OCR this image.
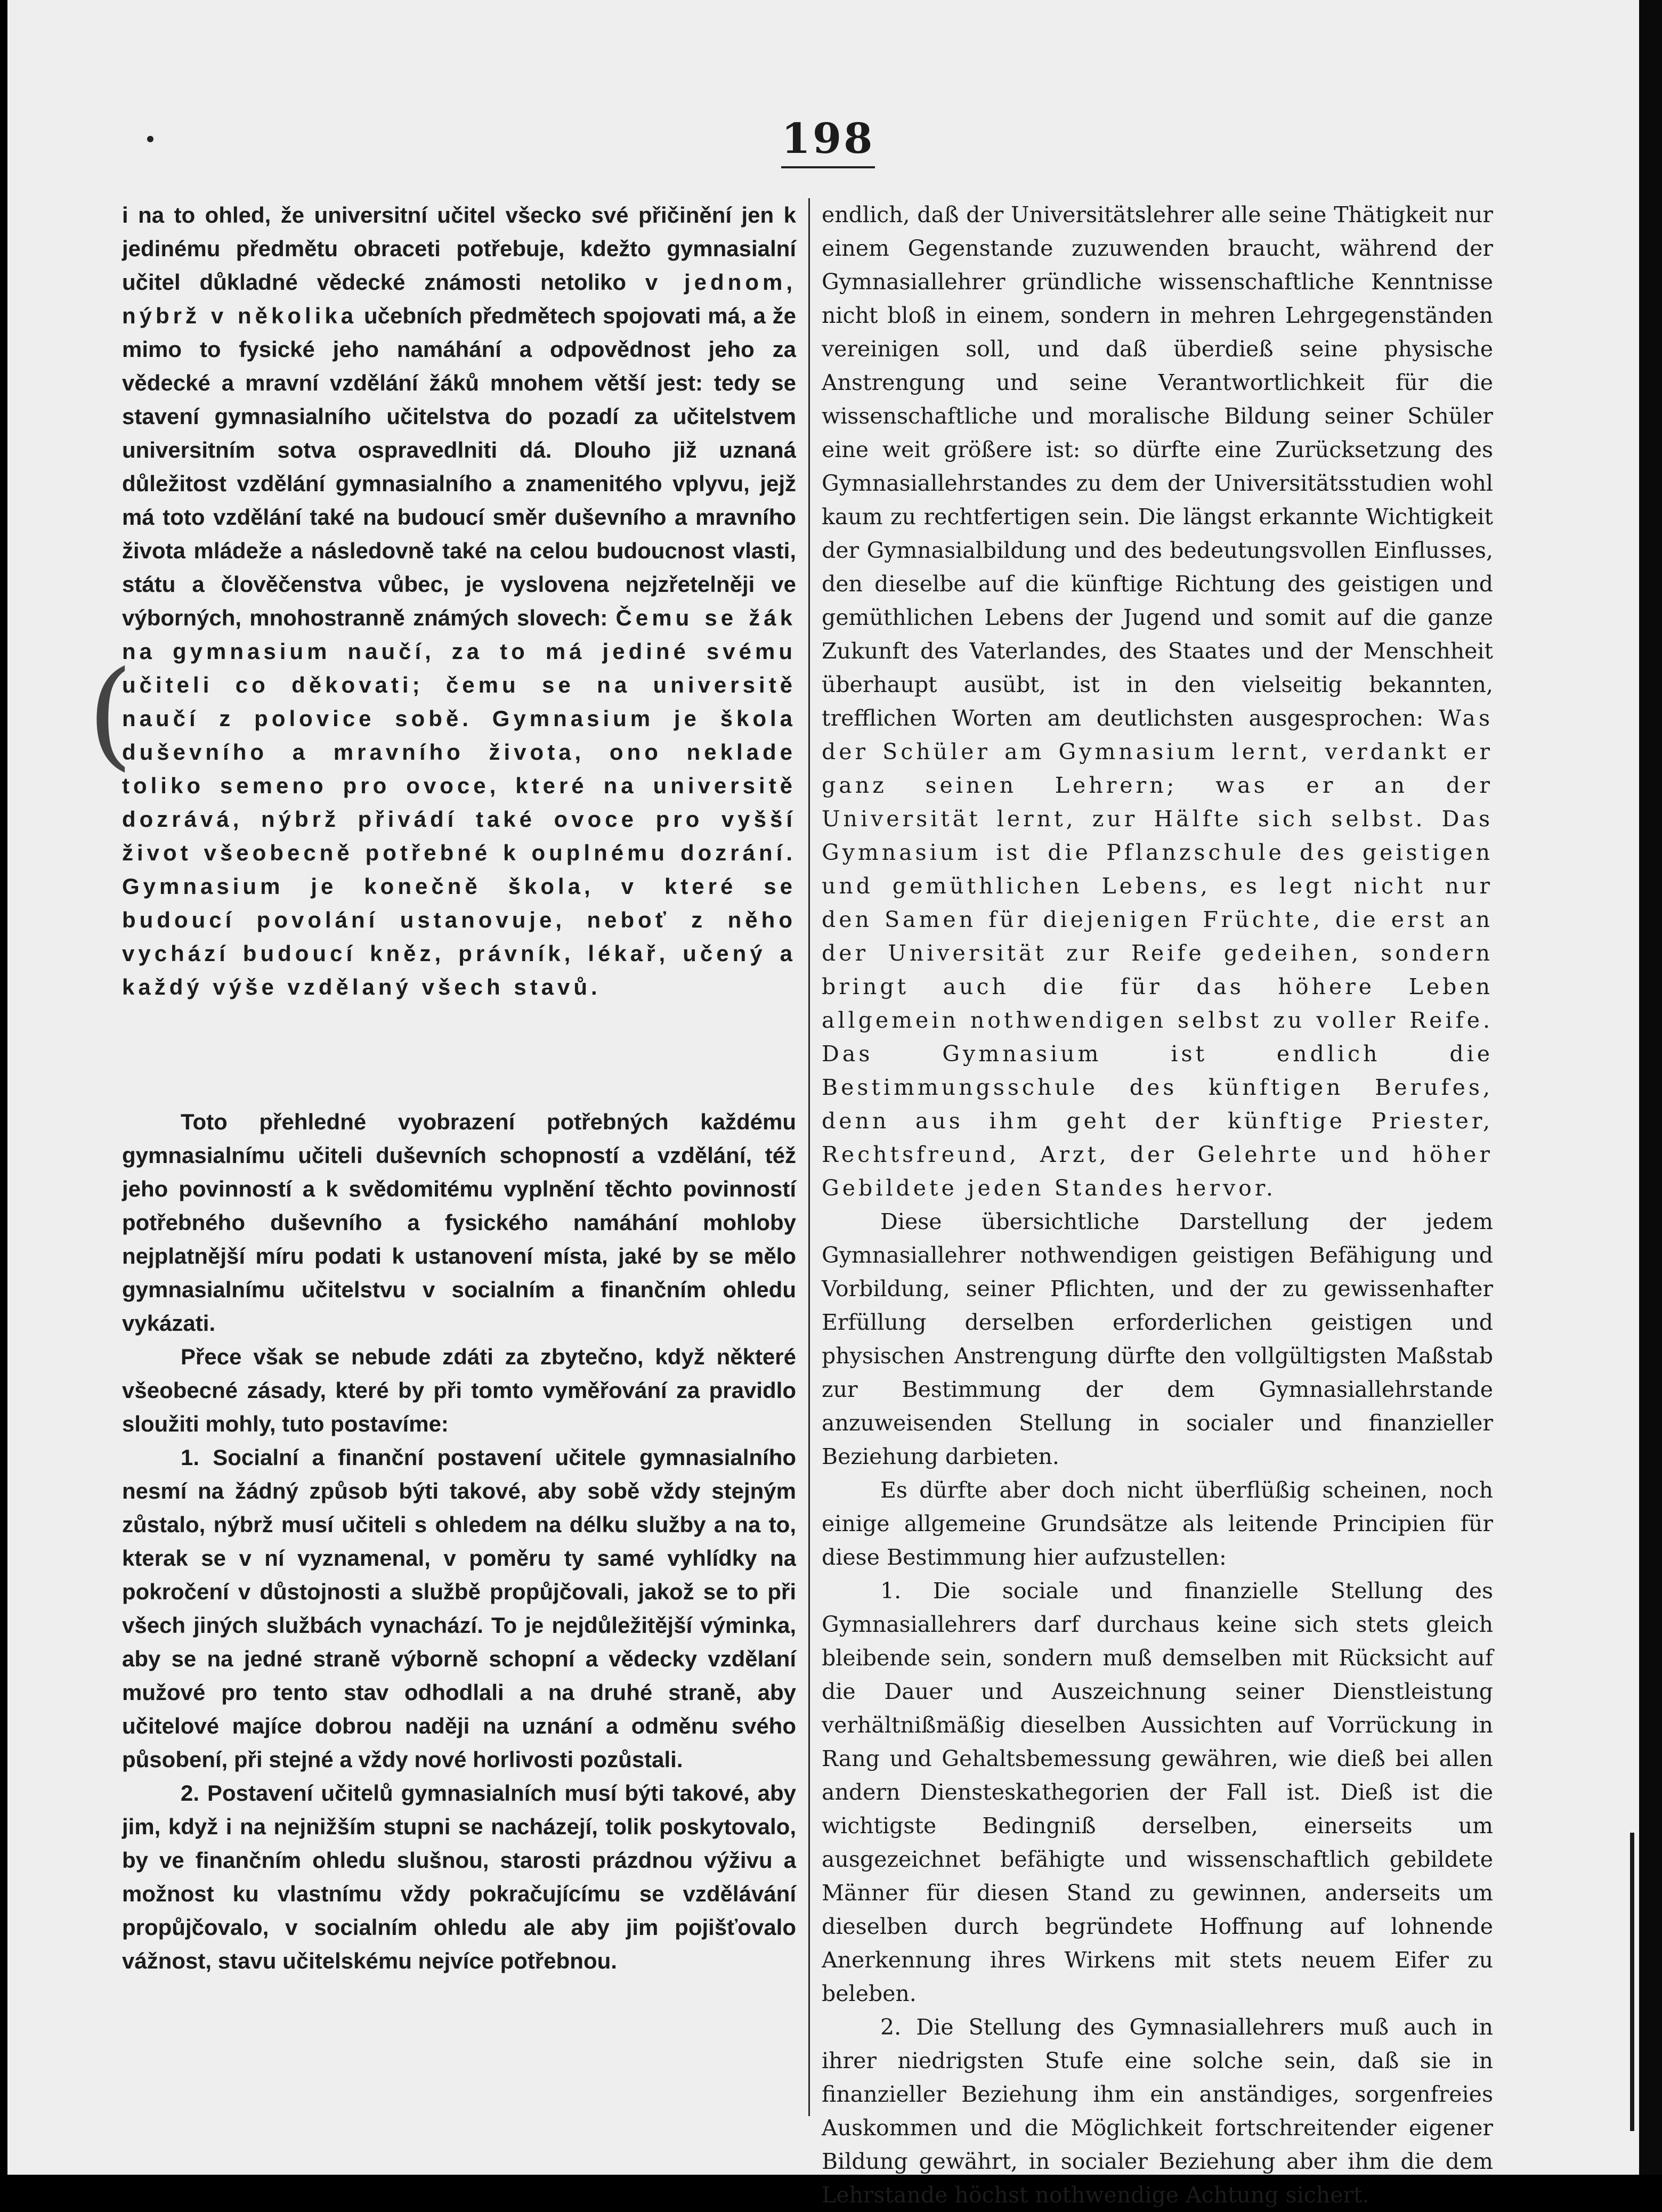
198
(

i na to ohled, že universitní učitel všecko své přičinění jen k jedinému předmětu obraceti potřebuje, kdežto gymnasialní učitel důkladné vědecké známosti netoliko v jednom, nýbrž v několika učebních předmětech spojovati má, a že mimo to fysické jeho namáhání a odpovědnost jeho za vědecké a mravní vzdělání žáků mnohem větší jest: tedy se stavení gymnasialního učitelstva do pozadí za učitelstvem universitním sotva ospravedlniti dá. Dlouho již uznaná důležitost vzdělání gymnasialního a znamenitého vplyvu, jejž má toto vzdělání také na budoucí směr duševního a mravního života mládeže a následovně také na celou budoucnost vlasti, státu a člověčenstva vůbec, je vyslovena nejzřetelněji ve výborných, mnohostranně známých slovech: Čemu se žák na gymnasium naučí, za to má jediné svému učiteli co děkovati; čemu se na universitě naučí z polovice sobě. Gymnasium je škola duševního a mravního života, ono neklade toliko semeno pro ovoce, které na universitě dozrává, nýbrž přivádí také ovoce pro vyšší život všeobecně potřebné k ouplnému dozrání. Gymnasium je konečně škola, v které se budoucí povolání ustanovuje, neboť z něho vychází budoucí kněz, právník, lékař, učený a každý výše vzdělaný všech stavů.

Toto přehledné vyobrazení potřebných každému gymnasialnímu učiteli duševních schopností a vzdělání, též jeho povinností a k svědomitému vyplnění těchto povinností potřebného duševního a fysického namáhání mohloby nejplatnější míru podati k ustanovení místa, jaké by se mělo gymnasialnímu učitelstvu v socialním a finančním ohledu vykázati.

Přece však se nebude zdáti za zbytečno, když některé všeobecné zásady, které by při tomto vyměřování za pravidlo sloužiti mohly, tuto postavíme:

1. Socialní a finanční postavení učitele gymnasialního nesmí na žádný způsob býti takové, aby sobě vždy stejným zůstalo, nýbrž musí učiteli s ohledem na délku služby a na to, kterak se v ní vyznamenal, v poměru ty samé vyhlídky na pokročení v důstojnosti a službě propůjčovali, jakož se to při všech jiných službách vynachází. To je nejdůležitější výminka, aby se na jedné straně výborně schopní a vědecky vzdělaní mužové pro tento stav odhodlali a na druhé straně, aby učitelové majíce dobrou naději na uznání a odměnu svého působení, při stejné a vždy nové horlivosti pozůstali.

2. Postavení učitelů gymnasialních musí býti takové, aby jim, když i na nejnižším stupni se nacházejí, tolik poskytovalo, by ve finančním ohledu slušnou, starosti prázdnou výživu a možnost ku vlastnímu vždy pokračujícímu se vzdělávání propůjčovalo, v socialním ohledu ale aby jim pojišťovalo vážnost, stavu učitelskému nejvíce potřebnou.

endlich, daß der Universitätslehrer alle seine Thätigkeit nur einem Gegenstande zuzuwenden braucht, während der Gymnasiallehrer gründliche wissenschaftliche Kenntnisse nicht bloß in einem, sondern in mehren Lehrgegenständen vereinigen soll, und daß überdieß seine physische Anstrengung und seine Verantwortlichkeit für die wissenschaftliche und moralische Bildung seiner Schüler eine weit größere ist: so dürfte eine Zurücksetzung des Gymnasiallehrstandes zu dem der Universitätsstudien wohl kaum zu rechtfertigen sein. Die längst erkannte Wichtigkeit der Gymnasialbildung und des bedeutungsvollen Einflusses, den dieselbe auf die künftige Richtung des geistigen und gemüthlichen Lebens der Jugend und somit auf die ganze Zukunft des Vaterlandes, des Staates und der Menschheit überhaupt ausübt, ist in den vielseitig bekannten, trefflichen Worten am deutlichsten ausgesprochen: Was der Schüler am Gymnasium lernt, verdankt er ganz seinen Lehrern; was er an der Universität lernt, zur Hälfte sich selbst. Das Gymnasium ist die Pflanzschule des geistigen und gemüthlichen Lebens, es legt nicht nur den Samen für diejenigen Früchte, die erst an der Universität zur Reife gedeihen, sondern bringt auch die für das höhere Leben allgemein nothwendigen selbst zu voller Reife. Das Gymnasium ist endlich die Bestimmungsschule des künftigen Berufes, denn aus ihm geht der künftige Priester, Rechtsfreund, Arzt, der Gelehrte und höher Gebildete jeden Standes hervor.

Diese übersichtliche Darstellung der jedem Gymnasiallehrer nothwendigen geistigen Befähigung und Vorbildung, seiner Pflichten, und der zu gewissenhafter Erfüllung derselben erforderlichen geistigen und physischen Anstrengung dürfte den vollgültigsten Maßstab zur Bestimmung der dem Gymnasiallehrstande anzuweisenden Stellung in socialer und finanzieller Beziehung darbieten.

Es dürfte aber doch nicht überflüßig scheinen, noch einige allgemeine Grundsätze als leitende Principien für diese Bestimmung hier aufzustellen:

1. Die sociale und finanzielle Stellung des Gymnasiallehrers darf durchaus keine sich stets gleich bleibende sein, sondern muß demselben mit Rücksicht auf die Dauer und Auszeichnung seiner Dienstleistung verhältnißmäßig dieselben Aussichten auf Vorrückung in Rang und Gehaltsbemessung gewähren, wie dieß bei allen andern Diensteskathegorien der Fall ist. Dieß ist die wichtigste Bedingniß derselben, einerseits um ausgezeichnet befähigte und wissenschaftlich gebildete Männer für diesen Stand zu gewinnen, anderseits um dieselben durch begründete Hoffnung auf lohnende Anerkennung ihres Wirkens mit stets neuem Eifer zu beleben.

2. Die Stellung des Gymnasiallehrers muß auch in ihrer niedrigsten Stufe eine solche sein, daß sie in finanzieller Beziehung ihm ein anständiges, sorgenfreies Auskommen und die Möglichkeit fortschreitender eigener Bildung gewährt, in socialer Beziehung aber ihm die dem Lehrstande höchst nothwendige Achtung sichert.
